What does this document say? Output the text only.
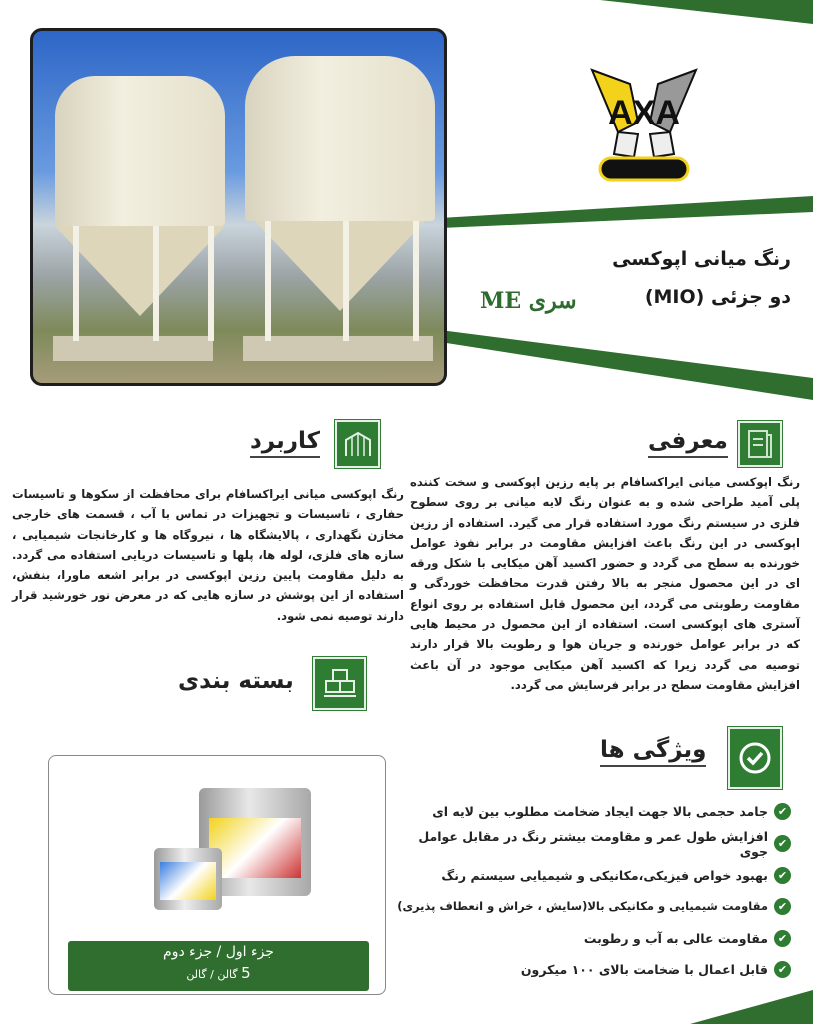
AXA
رنگ میانی اپوکسی
دو جزئی (MIO)
سری ME
معرفی
رنگ اپوکسی میانی ایراکسافام بر پایه رزین اپوکسی و سخت کننده پلی آمید طراحی شده و به عنوان رنگ لایه میانی بر روی سطوح فلزی در سیستم رنگ مورد استفاده قرار می گیرد. استفاده از رزین اپوکسی در این رنگ باعث افزایش مقاومت در برابر نفوذ عوامل خورنده به سطح می گردد و حضور اکسید آهن میکایی با شکل ورقه ای در این محصول منجر به بالا رفتن قدرت محافظت خوردگی و مقاومت رطوبتی می گردد، این محصول قابل استفاده بر روی انواع آستری های اپوکسی است. استفاده از این محصول در محیط هایی که در برابر عوامل خورنده و جریان هوا و رطوبت بالا قرار دارند توصیه می گردد زیرا که اکسید آهن میکایی موجود در آن باعث افزایش مقاومت سطح در برابر فرسایش می گردد.
کاربرد
رنگ اپوکسی میانی ایراکسافام برای محافظت از سکوها و تاسیسات حفاری ، تاسیسات و تجهیزات در تماس با آب ، قسمت های خارجی مخازن نگهداری ، پالایشگاه ها ، نیروگاه ها و کارخانجات شیمیایی ، سازه های فلزی، لوله ها، پلها و تاسیسات دریایی استفاده می گردد. به دلیل مقاومت پایین رزین اپوکسی در برابر اشعه ماورا، بنفش، استفاده از این پوشش در سازه هایی که در معرض نور خورشید قرار دارند توصیه نمی شود.
بسته بندی
ویژگی ها
✔
جامد حجمی بالا جهت ایجاد ضخامت مطلوب بین لایه ای
✔
افزایش طول عمر و مقاومت بیشتر رنگ در مقابل عوامل جوی
✔
بهبود خواص فیزیکی،مکانیکی و شیمیایی سیستم رنگ
✔
مقاومت شیمیایی و مکانیکی بالا(سایش ، خراش و انعطاف پذیری)
✔
مقاومت عالی به آب و رطوبت
✔
قابل اعمال با ضخامت بالای ۱۰۰ میکرون
جزء اول / جزء دوم
5 گالن / گالن
